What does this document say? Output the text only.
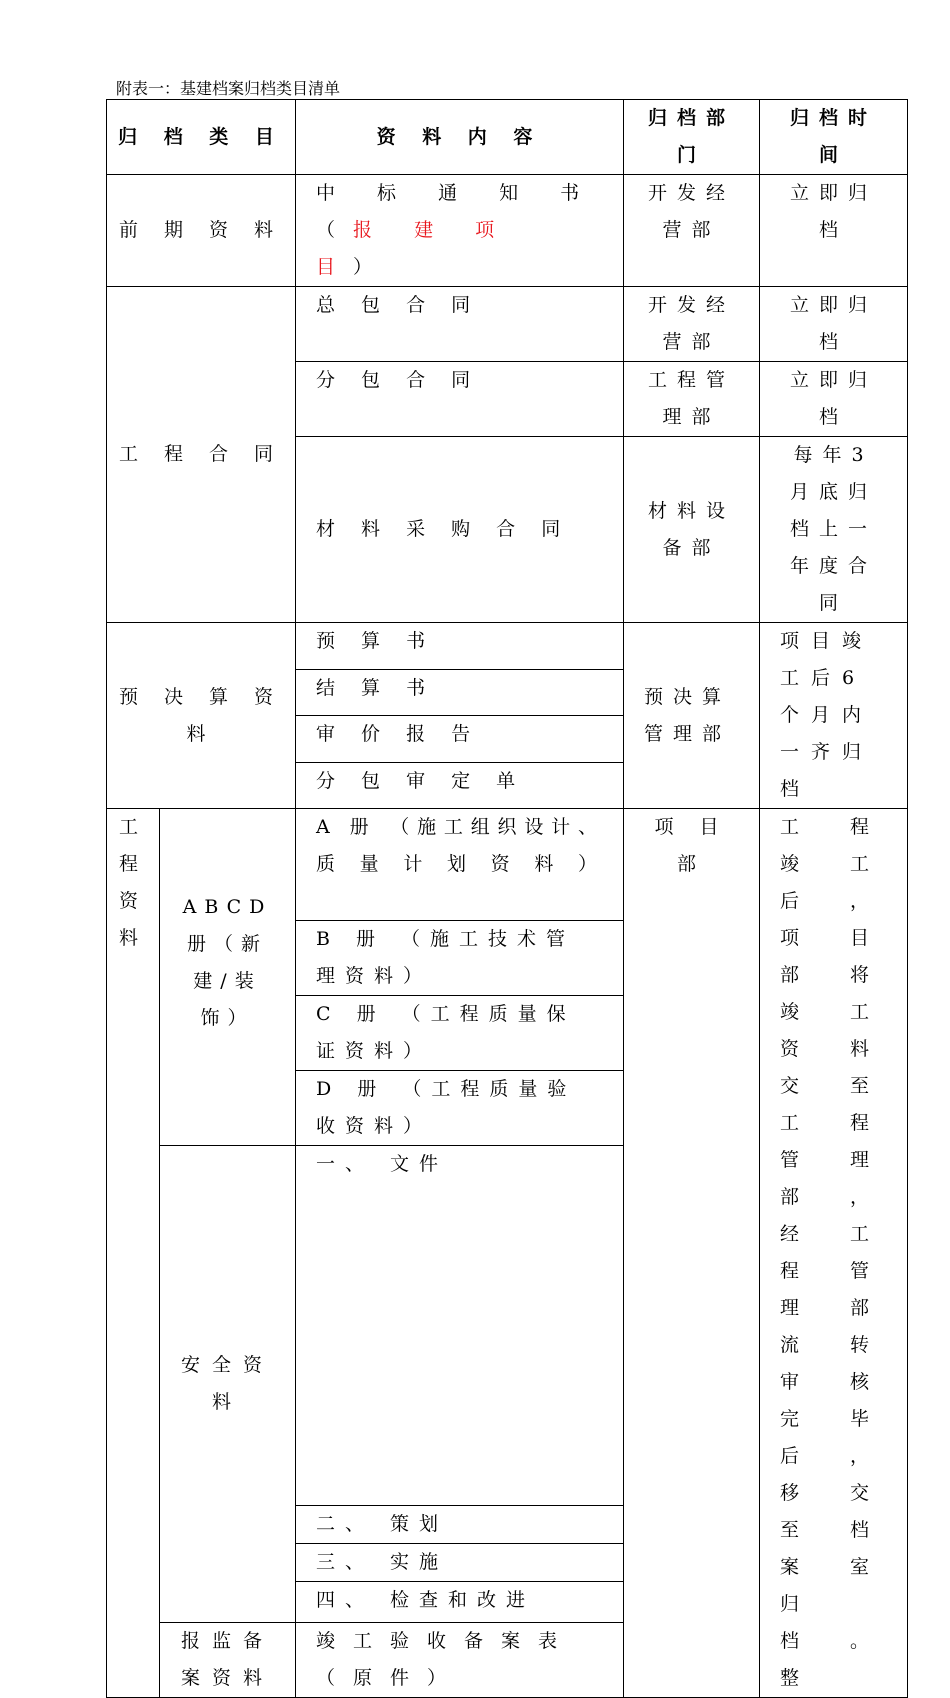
附表一：基建档案归档类目清单
归 档 类 目		资 料 内 容	归档部门	归档时间
前 期 资 料		中 标 通 知 书 （报 建 项 目）	开发经营部	立即归档
工 程 合 同		总 包 合 同	开发经营部	立即归档
		分 包 合 同	工程管理部	立即归档
		材 料 采 购 合 同	材料设备部	每年3月底归档上一年度合同
预 决 算 资 料		预 算 书	预决算管理部	项目竣工后6个月内一齐归档
		结 算 书		
		审 价 报 告		
		分 包 审 定 单		

工程资料	ABCD 册（新建/装饰）	A 册 （施工组织设计、质量计划资料）	项 目 部	工程竣工后，项目部将竣工资料交至工程管理部，经工程管理部流转审核完毕后，移交至档案室归档。整
		B 册 （施工技术管理资料）		
		C 册 （工程质量保证资料）		
		D 册 （工程质量验收资料）		
	安全资料	一、 文件		
		二、 策划		
		三、 实施		
		四、 检查和改进		
	报监备案资料	竣工验收备案表（原件）		
